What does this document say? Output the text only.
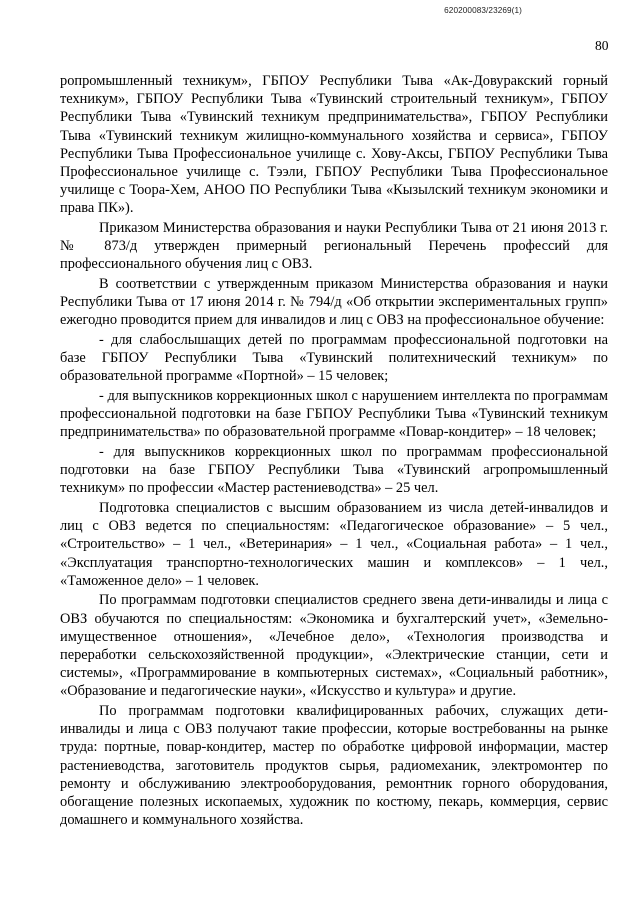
620200083/23269(1)
80

ропромышленный техникум», ГБПОУ Республики Тыва «Ак-Довуракский горный техникум», ГБПОУ Республики Тыва «Тувинский строительный техникум», ГБПОУ Республики Тыва «Тувинский техникум предпринимательства», ГБПОУ Республики Тыва «Тувинский техникум жилищно-коммунального хозяйства и сервиса», ГБПОУ Республики Тыва Профессиональное училище с. Хову-Аксы, ГБПОУ Республики Тыва Профессиональное училище с. Тээли, ГБПОУ Республики Тыва Профессиональное училище с Тоора-Хем, АНОО ПО Республики Тыва «Кызылский техникум экономики и права ПК»).

Приказом Министерства образования и науки Республики Тыва от 21 июня 2013 г. № 873/д утвержден примерный региональный Перечень профессий для профессионального обучения лиц с ОВЗ.

В соответствии с утвержденным приказом Министерства образования и науки Республики Тыва от 17 июня 2014 г. № 794/д «Об открытии экспериментальных групп» ежегодно проводится прием для инвалидов и лиц с ОВЗ на профессиональное обучение:

- для слабослышащих детей по программам профессиональной подготовки на базе ГБПОУ Республики Тыва «Тувинский политехнический техникум» по образовательной программе «Портной» – 15 человек;

- для выпускников коррекционных школ с нарушением интеллекта по программам профессиональной подготовки на базе ГБПОУ Республики Тыва «Тувинский техникум предпринимательства» по образовательной программе «Повар-кондитер» – 18 человек;

- для выпускников коррекционных школ по программам профессиональной подготовки на базе ГБПОУ Республики Тыва «Тувинский агропромышленный техникум» по профессии «Мастер растениеводства» – 25 чел.

Подготовка специалистов с высшим образованием из числа детей-инвалидов и лиц с ОВЗ ведется по специальностям: «Педагогическое образование» – 5 чел., «Строительство» – 1 чел., «Ветеринария» – 1 чел., «Социальная работа» – 1 чел., «Эксплуатация транспортно-технологических машин и комплексов» – 1 чел., «Таможенное дело» – 1 человек.

По программам подготовки специалистов среднего звена дети-инвалиды и лица с ОВЗ обучаются по специальностям: «Экономика и бухгалтерский учет», «Земельно-имущественное отношения», «Лечебное дело», «Технология производства и переработки сельскохозяйственной продукции», «Электрические станции, сети и системы», «Программирование в компьютерных системах», «Социальный работник», «Образование и педагогические науки», «Искусство и культура» и другие.

По программам подготовки квалифицированных рабочих, служащих дети-инвалиды и лица с ОВЗ получают такие профессии, которые востребованны на рынке труда: портные, повар-кондитер, мастер по обработке цифровой информации, мастер растениеводства, заготовитель продуктов сырья, радиомеханик, электромонтер по ремонту и обслуживанию электрооборудования, ремонтник горного оборудования, обогащение полезных ископаемых, художник по костюму, пекарь, коммерция, сервис домашнего и коммунального хозяйства.
